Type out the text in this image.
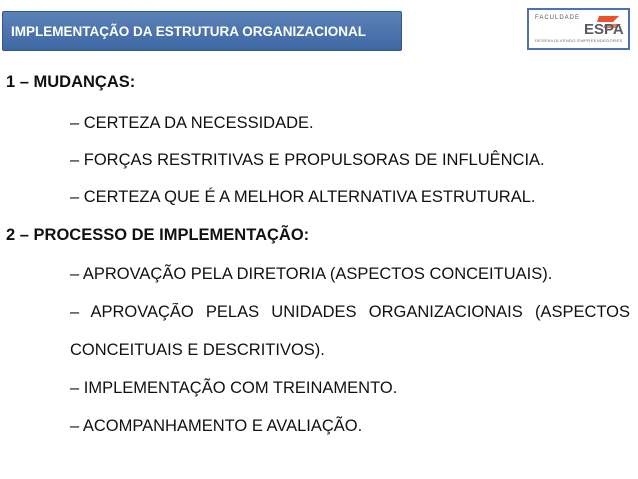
IMPLEMENTAÇÃO DA ESTRUTURA ORGANIZACIONAL
FACULDADE
ESPA
DESENVOLVENDO EMPREENDEDORES
1 – MUDANÇAS:
– CERTEZA DA NECESSIDADE.
– FORÇAS RESTRITIVAS E PROPULSORAS DE INFLUÊNCIA.
– CERTEZA QUE É A MELHOR ALTERNATIVA ESTRUTURAL.
2 – PROCESSO DE IMPLEMENTAÇÃO:
– APROVAÇÃO PELA DIRETORIA (ASPECTOS CONCEITUAIS).
– APROVAÇÃO PELAS UNIDADES ORGANIZACIONAIS (ASPECTOS
CONCEITUAIS E DESCRITIVOS).
– IMPLEMENTAÇÃO COM TREINAMENTO.
– ACOMPANHAMENTO E AVALIAÇÃO.
